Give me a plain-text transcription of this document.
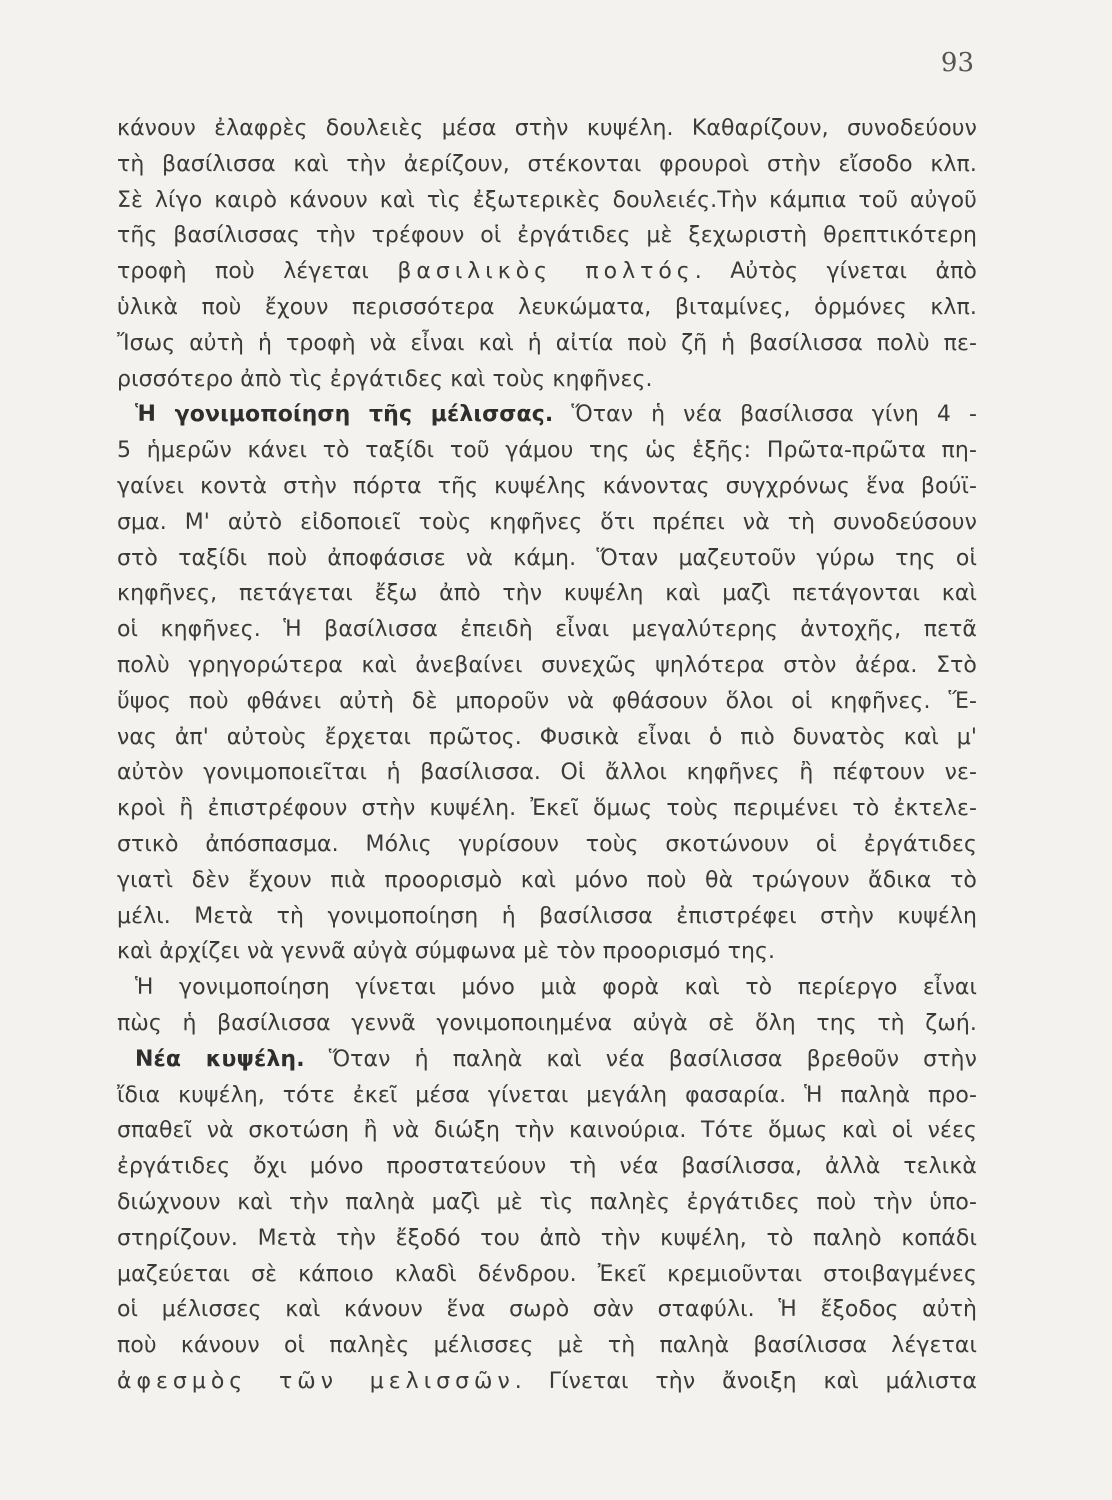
93
κάνουν ἐλαφρὲς δουλειὲς μέσα στὴν κυψέλη. Καθαρίζουν, συνοδεύουν
τὴ βασίλισσα καὶ τὴν ἀερίζουν, στέκονται φρουροὶ στὴν εἴσοδο κλπ.
Σὲ λίγο καιρὸ κάνουν καὶ τὶς ἐξωτερικὲς δουλειές.Τὴν κάμπια τοῦ αὐγοῦ
τῆς βασίλισσας τὴν τρέφουν οἱ ἐργάτιδες μὲ ξεχωριστὴ θρεπτικότερη
τροφὴ πoὺ λέγεται βασιλικὸς πολτός. Αὐτὸς γίνεται ἀπὸ
ὑλικὰ ποὺ ἔχουν περισσότερα λευκώματα, βιταμίνες, ὁρμόνες κλπ.
Ἴσως αὐτὴ ἡ τροφὴ νὰ εἶναι καὶ ἡ αἰτία ποὺ ζῆ ἡ βασίλισσα πολὺ πε-
ρισσότερο ἀπὸ τὶς ἐργάτιδες καὶ τοὺς κηφῆνες.
Ἡ γονιμοποίηση τῆς μέλισσας. Ὅταν ἡ νέα βασίλισσα γίνη 4 -
5 ἡμερῶν κάνει τὸ ταξίδι τοῦ γάμου της ὡς ἑξῆς: Πρῶτα-πρῶτα πη-
γαίνει κοντὰ στὴν πόρτα τῆς κυψέλης κάνοντας συγχρόνως ἕνα βούϊ-
σμα. Μ' αὐτὸ εἰδοποιεῖ τοὺς κηφῆνες ὅτι πρέπει νὰ τὴ συνοδεύσουν
στὸ ταξίδι ποὺ ἀποφάσισε νὰ κάμη. Ὅταν μαζευτοῦν γύρω της οἱ
κηφῆνες, πετάγεται ἔξω ἀπὸ τὴν κυψέλη καὶ μαζὶ πετάγονται καὶ
οἱ κηφῆνες. Ἡ βασίλισσα ἐπειδὴ εἶναι μεγαλύτερης ἀντοχῆς, πετᾶ
πολὺ γρηγορώτερα καὶ ἀνεβαίνει συνεχῶς ψηλότερα στὸν ἀέρα. Στὸ
ὕψος ποὺ φθάνει αὐτὴ δὲ μποροῦν νὰ φθάσουν ὅλοι οἱ κηφῆνες. Ἕ-
νας ἀπ' αὐτοὺς ἔρχεται πρῶτος. Φυσικὰ εἶναι ὁ πιὸ δυνατὸς καὶ μ'
αὐτὸν γονιμοποιεῖται ἡ βασίλισσα. Οἱ ἄλλοι κηφῆνες ἢ πέφτουν νε-
κροὶ ἢ ἐπιστρέφουν στὴν κυψέλη. Ἐκεῖ ὅμως τοὺς περιμένει τὸ ἐκτελε-
στικὸ ἀπόσπασμα. Μόλις γυρίσουν τοὺς σκοτώνουν οἱ ἐργάτιδες
γιατὶ δὲν ἔχουν πιὰ προορισμὸ καὶ μόνο ποὺ θὰ τρώγουν ἄδικα τὸ
μέλι. Μετὰ τὴ γονιμοποίηση ἡ βασίλισσα ἐπιστρέφει στὴν κυψέλη
καὶ ἀρχίζει νὰ γεννᾶ αὐγὰ σύμφωνα μὲ τὸν προορισμό της.
Ἡ γονιμοποίηση γίνεται μόνο μιὰ φορὰ καὶ τὸ περίεργο εἶναι
πὼς ἡ βασίλισσα γεννᾶ γονιμοποιημένα αὐγὰ σὲ ὅλη της τὴ ζωή.
Νέα κυψέλη. Ὅταν ἡ παληὰ καὶ νέα βασίλισσα βρεθοῦν στὴν
ἴδια κυψέλη, τότε ἐκεῖ μέσα γίνεται μεγάλη φασαρία. Ἡ παληὰ προ-
σπαθεῖ νὰ σκοτώση ἢ νὰ διώξη τὴν καινούρια. Τότε ὅμως καὶ οἱ νέες
ἐργάτιδες ὄχι μόνο προστατεύουν τὴ νέα βασίλισσα, ἀλλὰ τελικὰ
διώχνουν καὶ τὴν παληὰ μαζὶ μὲ τὶς παληὲς ἐργάτιδες ποὺ τὴν ὑπο-
στηρίζουν. Μετὰ τὴν ἔξοδό του ἀπὸ τὴν κυψέλη, τὸ παληὸ κοπάδι
μαζεύεται σὲ κάποιο κλαδὶ δένδρου. Ἐκεῖ κρεμιοῦνται στοιβαγμένες
οἱ μέλισσες καὶ κάνουν ἕνα σωρὸ σὰν σταφύλι. Ἡ ἔξοδος αὐτὴ
ποὺ κάνουν οἱ παληὲς μέλισσες μὲ τὴ παληὰ βασίλισσα λέγεται
ἀφεσμὸς τῶν μελισσῶν. Γίνεται τὴν ἄνοιξη καὶ μάλιστα
